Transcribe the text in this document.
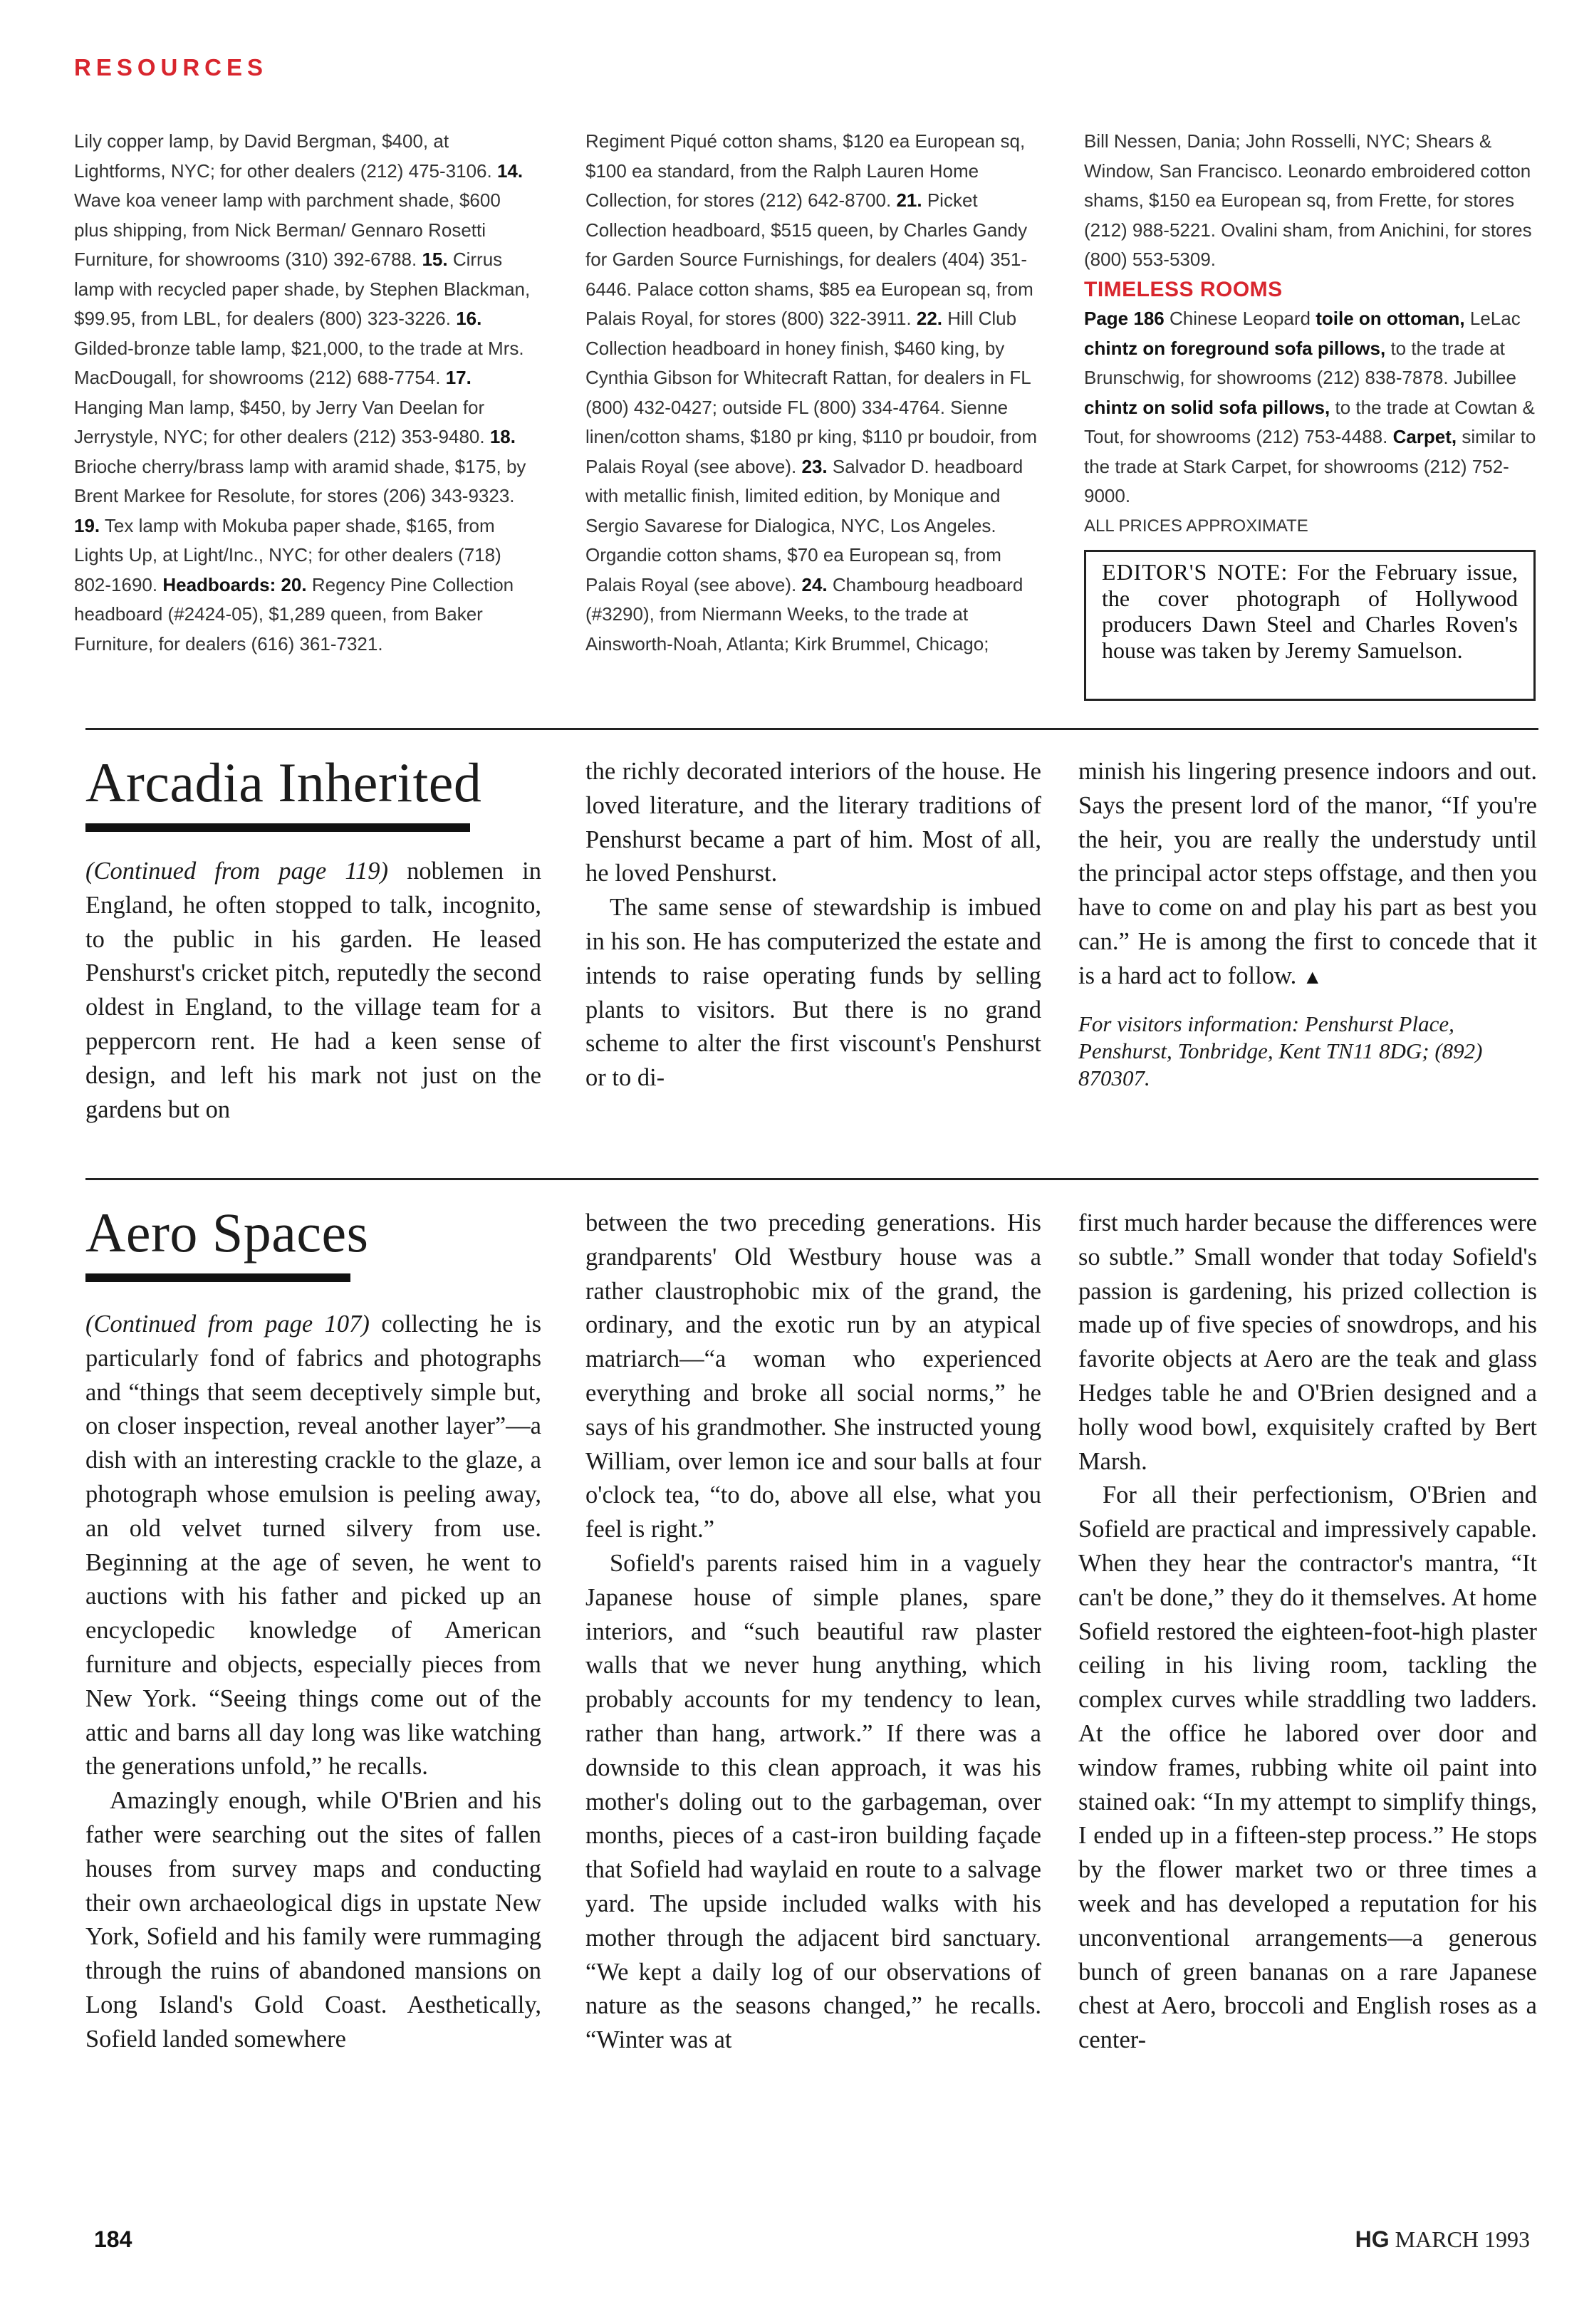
RESOURCES

Lily copper lamp, by David Bergman, $400, at Lightforms, NYC; for other dealers (212) 475-3106. 14. Wave koa veneer lamp with parchment shade, $600 plus shipping, from Nick Berman/ Gennaro Rosetti Furniture, for showrooms (310) 392-6788. 15. Cirrus lamp with recycled paper shade, by Stephen Blackman, $99.95, from LBL, for dealers (800) 323-3226. 16. Gilded-bronze table lamp, $21,000, to the trade at Mrs. MacDougall, for showrooms (212) 688-7754. 17. Hanging Man lamp, $450, by Jerry Van Deelan for Jerrystyle, NYC; for other dealers (212) 353-9480. 18. Brioche cherry/brass lamp with aramid shade, $175, by Brent Markee for Resolute, for stores (206) 343-9323. 19. Tex lamp with Mokuba paper shade, $165, from Lights Up, at Light/Inc., NYC; for other dealers (718) 802-1690. Headboards: 20. Regency Pine Collection headboard (#2424-05), $1,289 queen, from Baker Furniture, for dealers (616) 361-7321.

Regiment Piqué cotton shams, $120 ea European sq, $100 ea standard, from the Ralph Lauren Home Collection, for stores (212) 642-8700. 21. Picket Collection headboard, $515 queen, by Charles Gandy for Garden Source Furnishings, for dealers (404) 351-6446. Palace cotton shams, $85 ea European sq, from Palais Royal, for stores (800) 322-3911. 22. Hill Club Collection headboard in honey finish, $460 king, by Cynthia Gibson for Whitecraft Rattan, for dealers in FL (800) 432-0427; outside FL (800) 334-4764. Sienne linen/cotton shams, $180 pr king, $110 pr boudoir, from Palais Royal (see above). 23. Salvador D. headboard with metallic finish, limited edition, by Monique and Sergio Savarese for Dialogica, NYC, Los Angeles. Organdie cotton shams, $70 ea European sq, from Palais Royal (see above). 24. Chambourg headboard (#3290), from Niermann Weeks, to the trade at Ainsworth-Noah, Atlanta; Kirk Brummel, Chicago;

Bill Nessen, Dania; John Rosselli, NYC; Shears & Window, San Francisco. Leonardo embroidered cotton shams, $150 ea European sq, from Frette, for stores (212) 988-5221. Ovalini sham, from Anichini, for stores (800) 553-5309.

TIMELESS ROOMS

Page 186 Chinese Leopard toile on ottoman, LeLac chintz on foreground sofa pillows, to the trade at Brunschwig, for showrooms (212) 838-7878. Jubillee chintz on solid sofa pillows, to the trade at Cowtan & Tout, for showrooms (212) 753-4488. Carpet, similar to the trade at Stark Carpet, for showrooms (212) 752-9000.

ALL PRICES APPROXIMATE

EDITOR'S NOTE: For the February issue, the cover photograph of Hollywood producers Dawn Steel and Charles Roven's house was taken by Jeremy Samuelson.
Arcadia Inherited

(Continued from page 119) noblemen in England, he often stopped to talk, incognito, to the public in his garden. He leased Penshurst's cricket pitch, reputedly the second oldest in England, to the village team for a peppercorn rent. He had a keen sense of design, and left his mark not just on the gardens but on

the richly decorated interiors of the house. He loved literature, and the literary traditions of Penshurst became a part of him. Most of all, he loved Penshurst.

The same sense of stewardship is imbued in his son. He has computerized the estate and intends to raise operating funds by selling plants to visitors. But there is no grand scheme to alter the first viscount's Penshurst or to di-

minish his lingering presence indoors and out. Says the present lord of the manor, “If you're the heir, you are really the understudy until the principal actor steps offstage, and then you have to come on and play his part as best you can.” He is among the first to concede that it is a hard act to follow. ▲

For visitors information: Penshurst Place, Penshurst, Tonbridge, Kent TN11 8DG; (892) 870307.

Aero Spaces

(Continued from page 107) collecting he is particularly fond of fabrics and photographs and “things that seem deceptively simple but, on closer inspection, reveal another layer”—a dish with an interesting crackle to the glaze, a photograph whose emulsion is peeling away, an old velvet turned silvery from use. Beginning at the age of seven, he went to auctions with his father and picked up an encyclopedic knowledge of American furniture and objects, especially pieces from New York. “Seeing things come out of the attic and barns all day long was like watching the generations unfold,” he recalls.

Amazingly enough, while O'Brien and his father were searching out the sites of fallen houses from survey maps and conducting their own archaeological digs in upstate New York, Sofield and his family were rummaging through the ruins of abandoned mansions on Long Island's Gold Coast. Aesthetically, Sofield landed somewhere

between the two preceding generations. His grandparents' Old Westbury house was a rather claustrophobic mix of the grand, the ordinary, and the exotic run by an atypical matriarch—“a woman who experienced everything and broke all social norms,” he says of his grandmother. She instructed young William, over lemon ice and sour balls at four o'clock tea, “to do, above all else, what you feel is right.”

Sofield's parents raised him in a vaguely Japanese house of simple planes, spare interiors, and “such beautiful raw plaster walls that we never hung anything, which probably accounts for my tendency to lean, rather than hang, artwork.” If there was a downside to this clean approach, it was his mother's doling out to the garbageman, over months, pieces of a cast-iron building façade that Sofield had waylaid en route to a salvage yard. The upside included walks with his mother through the adjacent bird sanctuary. “We kept a daily log of our observations of nature as the seasons changed,” he recalls. “Winter was at

first much harder because the differences were so subtle.” Small wonder that today Sofield's passion is gardening, his prized collection is made up of five species of snowdrops, and his favorite objects at Aero are the teak and glass Hedges table he and O'Brien designed and a holly wood bowl, exquisitely crafted by Bert Marsh.

For all their perfectionism, O'Brien and Sofield are practical and impressively capable. When they hear the contractor's mantra, “It can't be done,” they do it themselves. At home Sofield restored the eighteen-foot-high plaster ceiling in his living room, tackling the complex curves while straddling two ladders. At the office he labored over door and window frames, rubbing white oil paint into stained oak: “In my attempt to simplify things, I ended up in a fifteen-step process.” He stops by the flower market two or three times a week and has developed a reputation for his unconventional arrangements—a generous bunch of green bananas on a rare Japanese chest at Aero, broccoli and English roses as a center-

184	HG MARCH 1993
